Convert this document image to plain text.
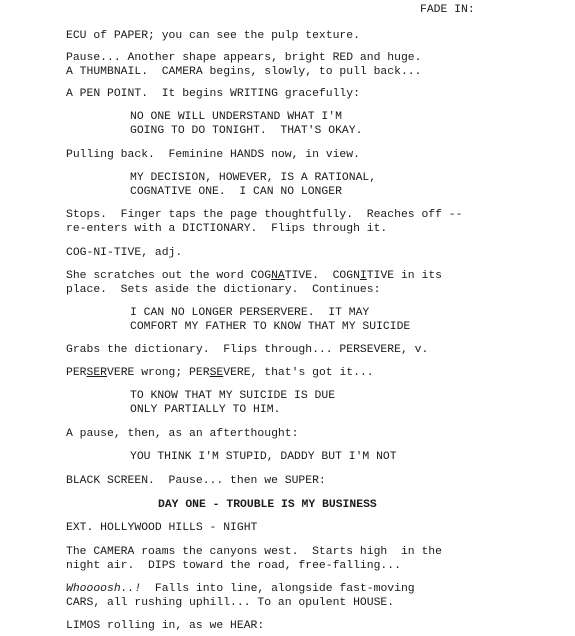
FADE IN:
ECU of PAPER; you can see the pulp texture.
Pause... Another shape appears, bright RED and huge.
A THUMBNAIL.  CAMERA begins, slowly, to pull back...
A PEN POINT.  It begins WRITING gracefully:
NO ONE WILL UNDERSTAND WHAT I'M
GOING TO DO TONIGHT.  THAT'S OKAY.
Pulling back.  Feminine HANDS now, in view.
MY DECISION, HOWEVER, IS A RATIONAL,
COGNATIVE ONE.  I CAN NO LONGER
Stops.  Finger taps the page thoughtfully.  Reaches off --
re-enters with a DICTIONARY.  Flips through it.
COG-NI-TIVE, adj.
She scratches out the word COGNATIVE.  COGNITIVE in its
place.  Sets aside the dictionary.  Continues:
I CAN NO LONGER PERSERVERE.  IT MAY
COMFORT MY FATHER TO KNOW THAT MY SUICIDE
Grabs the dictionary.  Flips through... PERSEVERE, v.
PERSERVERE wrong; PERSEVERE, that's got it...
TO KNOW THAT MY SUICIDE IS DUE
ONLY PARTIALLY TO HIM.
A pause, then, as an afterthought:
YOU THINK I'M STUPID, DADDY BUT I'M NOT
BLACK SCREEN.  Pause... then we SUPER:
DAY ONE - TROUBLE IS MY BUSINESS
EXT. HOLLYWOOD HILLS - NIGHT
The CAMERA roams the canyons west.  Starts high  in the
night air.  DIPS toward the road, free-falling...
Whoooosh..!  Falls into line, alongside fast-moving
CARS, all rushing uphill... To an opulent HOUSE.
LIMOS rolling in, as we HEAR:
